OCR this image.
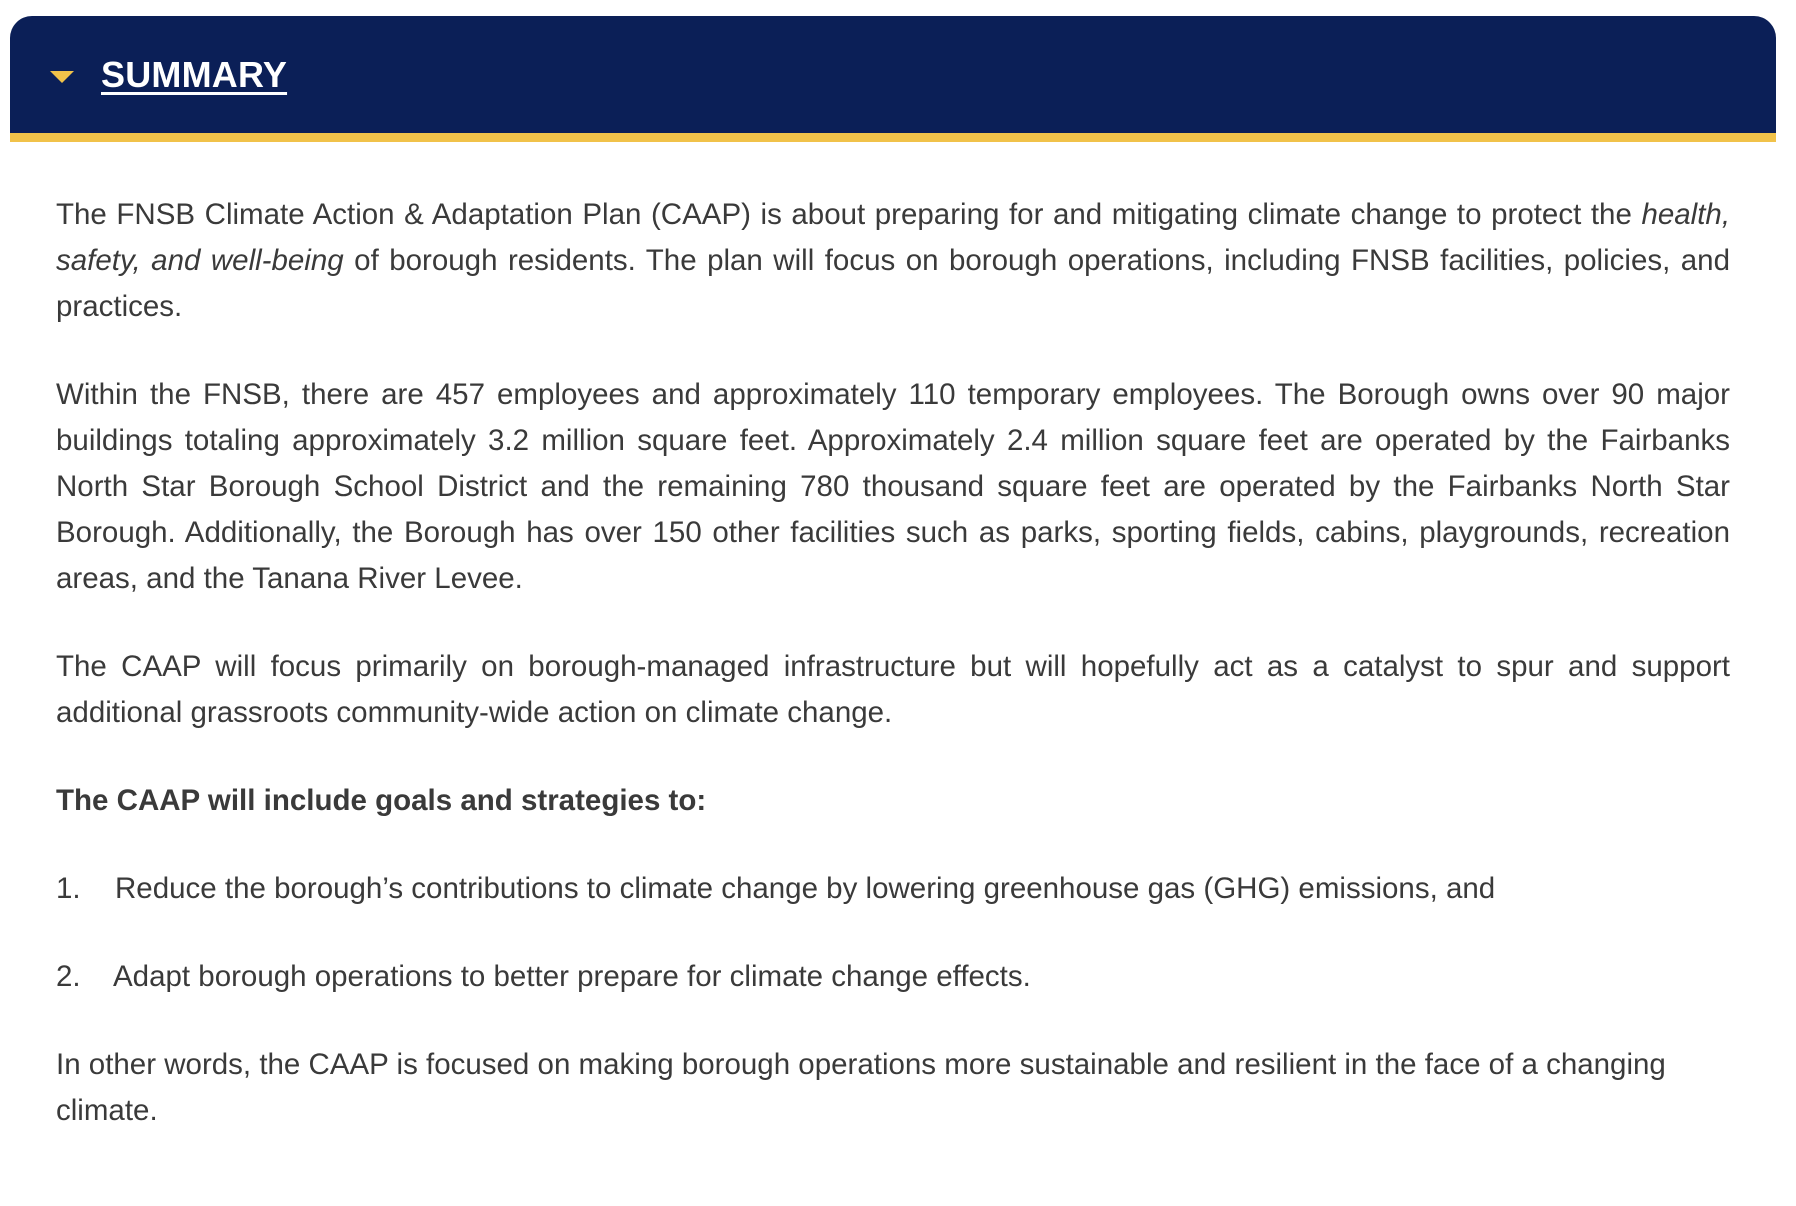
SUMMARY

The FNSB Climate Action & Adaptation Plan (CAAP) is about preparing for and mitigating climate change to protect the health, safety, and well-being of borough residents. The plan will focus on borough operations, including FNSB facilities, policies, and practices.

Within the FNSB, there are 457 employees and approximately 110 temporary employees. The Borough owns over 90 major buildings totaling approximately 3.2 million square feet. Approximately 2.4 million square feet are operated by the Fairbanks North Star Borough School District and the remaining 780 thousand square feet are operated by the Fairbanks North Star Borough. Additionally, the Borough has over 150 other facilities such as parks, sporting fields, cabins, playgrounds, recreation areas, and the Tanana River Levee.

The CAAP will focus primarily on borough-managed infrastructure but will hopefully act as a catalyst to spur and support additional grassroots community-wide action on climate change.

The CAAP will include goals and strategies to:
1.	Reduce the borough’s contributions to climate change by lowering greenhouse gas (GHG) emissions, and
2.	Adapt borough operations to better prepare for climate change effects.

In other words, the CAAP is focused on making borough operations more sustainable and resilient in the face of a changing climate.
